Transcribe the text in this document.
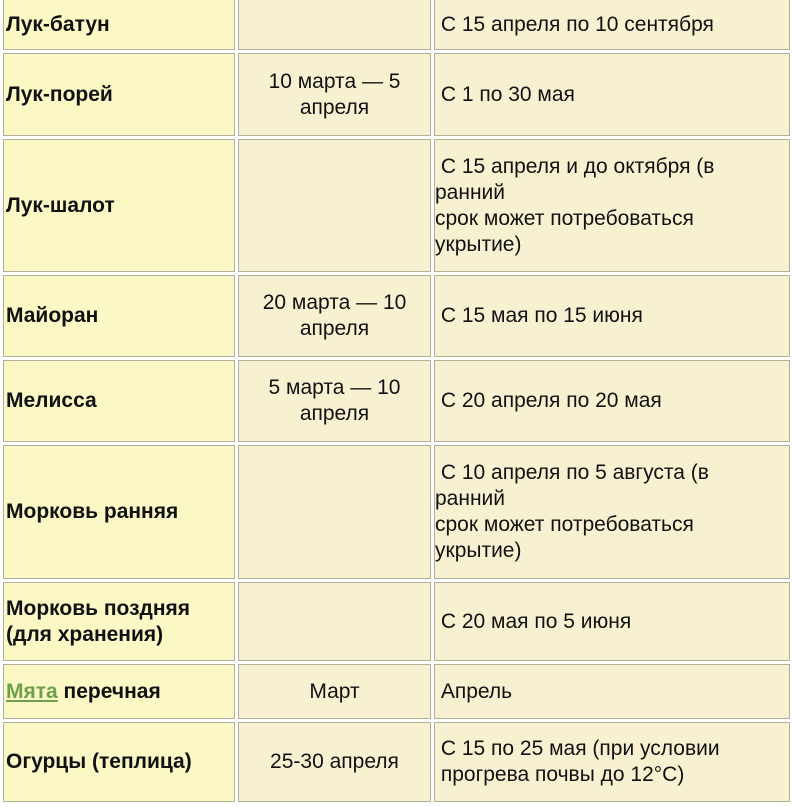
Лук-батун		С 15 апреля по 10 сентября

Лук-порей	10 марта — 5 апреля	С 1 по 30 мая

Лук-шалот		С 15 апреля и до октября (в
ранний
срок может потребоваться
укрытие)

Майоран	20 марта — 10 апреля	С 15 мая по 15 июня

Мелисса	5 марта — 10 апреля	С 20 апреля по 20 мая

Морковь ранняя		С 10 апреля по 5 августа (в
ранний
срок может потребоваться
укрытие)

Морковь поздняя (для хранения)		С 20 мая по 5 июня

Мята перечная	Март	Апрель

Огурцы (теплица)	25-30 апреля	С 15 по 25 мая (при условии
прогрева почвы до 12°С)
